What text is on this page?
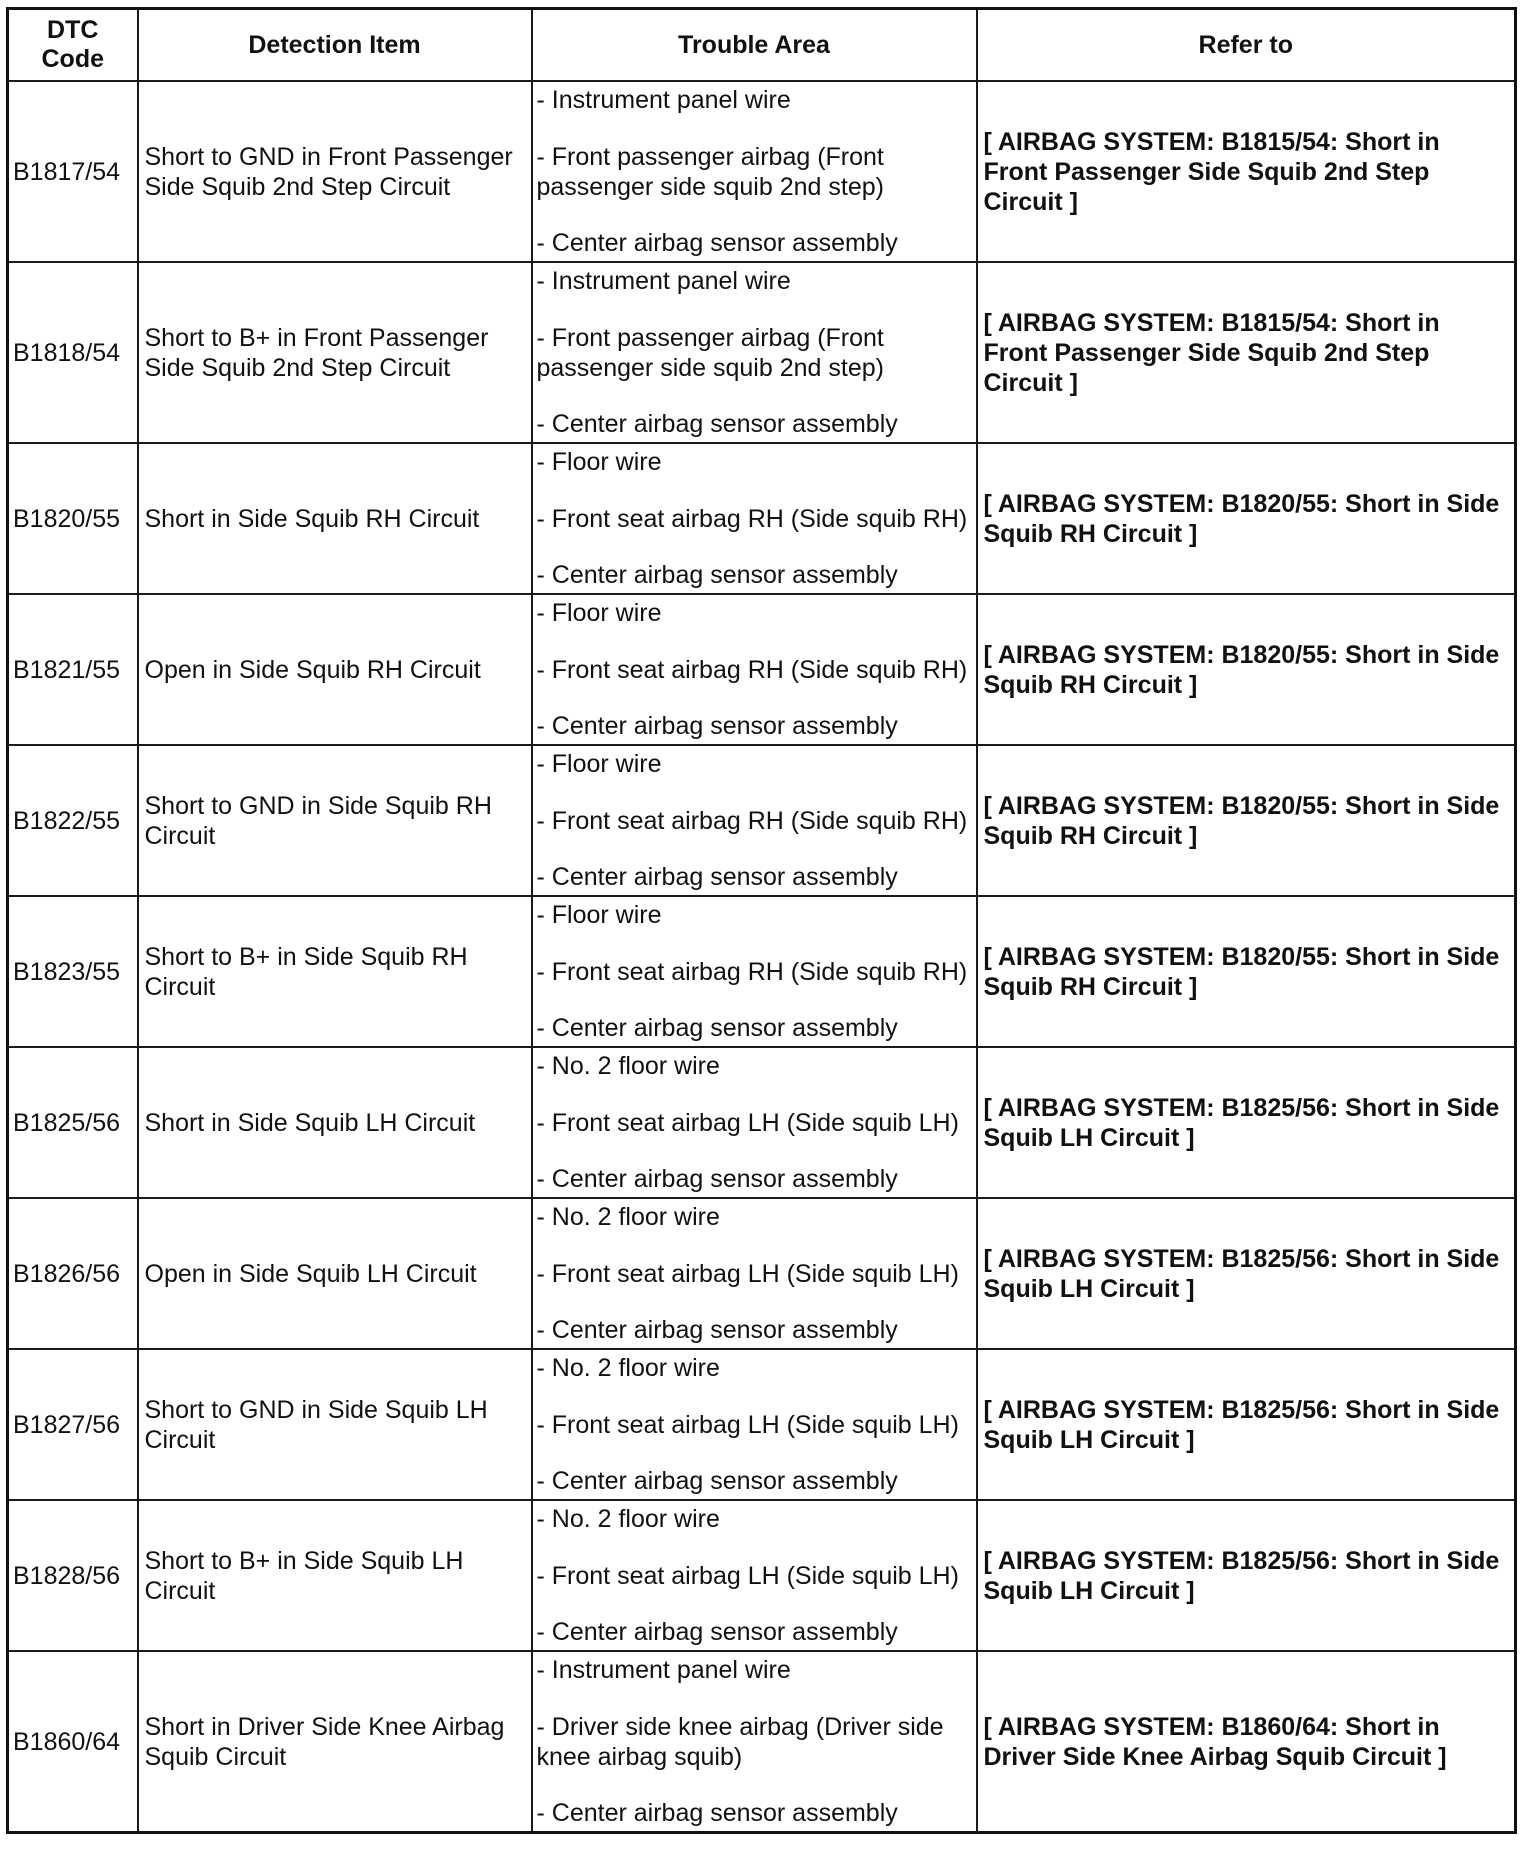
DTC Code	Detection Item	Trouble Area	Refer to
B1817/54	Short to GND in Front Passenger Side Squib 2nd Step Circuit	- Instrument panel wire
- Front passenger airbag (Front passenger side squib 2nd step)
- Center airbag sensor assembly	[ AIRBAG SYSTEM: B1815/54: Short in Front Passenger Side Squib 2nd Step Circuit ]
B1818/54	Short to B+ in Front Passenger Side Squib 2nd Step Circuit	- Instrument panel wire
- Front passenger airbag (Front passenger side squib 2nd step)
- Center airbag sensor assembly	[ AIRBAG SYSTEM: B1815/54: Short in Front Passenger Side Squib 2nd Step Circuit ]
B1820/55	Short in Side Squib RH Circuit	- Floor wire
- Front seat airbag RH (Side squib RH)
- Center airbag sensor assembly	[ AIRBAG SYSTEM: B1820/55: Short in Side Squib RH Circuit ]
B1821/55	Open in Side Squib RH Circuit	- Floor wire
- Front seat airbag RH (Side squib RH)
- Center airbag sensor assembly	[ AIRBAG SYSTEM: B1820/55: Short in Side Squib RH Circuit ]
B1822/55	Short to GND in Side Squib RH Circuit	- Floor wire
- Front seat airbag RH (Side squib RH)
- Center airbag sensor assembly	[ AIRBAG SYSTEM: B1820/55: Short in Side Squib RH Circuit ]
B1823/55	Short to B+ in Side Squib RH Circuit	- Floor wire
- Front seat airbag RH (Side squib RH)
- Center airbag sensor assembly	[ AIRBAG SYSTEM: B1820/55: Short in Side Squib RH Circuit ]
B1825/56	Short in Side Squib LH Circuit	- No. 2 floor wire
- Front seat airbag LH (Side squib LH)
- Center airbag sensor assembly	[ AIRBAG SYSTEM: B1825/56: Short in Side Squib LH Circuit ]
B1826/56	Open in Side Squib LH Circuit	- No. 2 floor wire
- Front seat airbag LH (Side squib LH)
- Center airbag sensor assembly	[ AIRBAG SYSTEM: B1825/56: Short in Side Squib LH Circuit ]
B1827/56	Short to GND in Side Squib LH Circuit	- No. 2 floor wire
- Front seat airbag LH (Side squib LH)
- Center airbag sensor assembly	[ AIRBAG SYSTEM: B1825/56: Short in Side Squib LH Circuit ]
B1828/56	Short to B+ in Side Squib LH Circuit	- No. 2 floor wire
- Front seat airbag LH (Side squib LH)
- Center airbag sensor assembly	[ AIRBAG SYSTEM: B1825/56: Short in Side Squib LH Circuit ]
B1860/64	Short in Driver Side Knee Airbag Squib Circuit	- Instrument panel wire
- Driver side knee airbag (Driver side knee airbag squib)
- Center airbag sensor assembly	[ AIRBAG SYSTEM: B1860/64: Short in Driver Side Knee Airbag Squib Circuit ]
